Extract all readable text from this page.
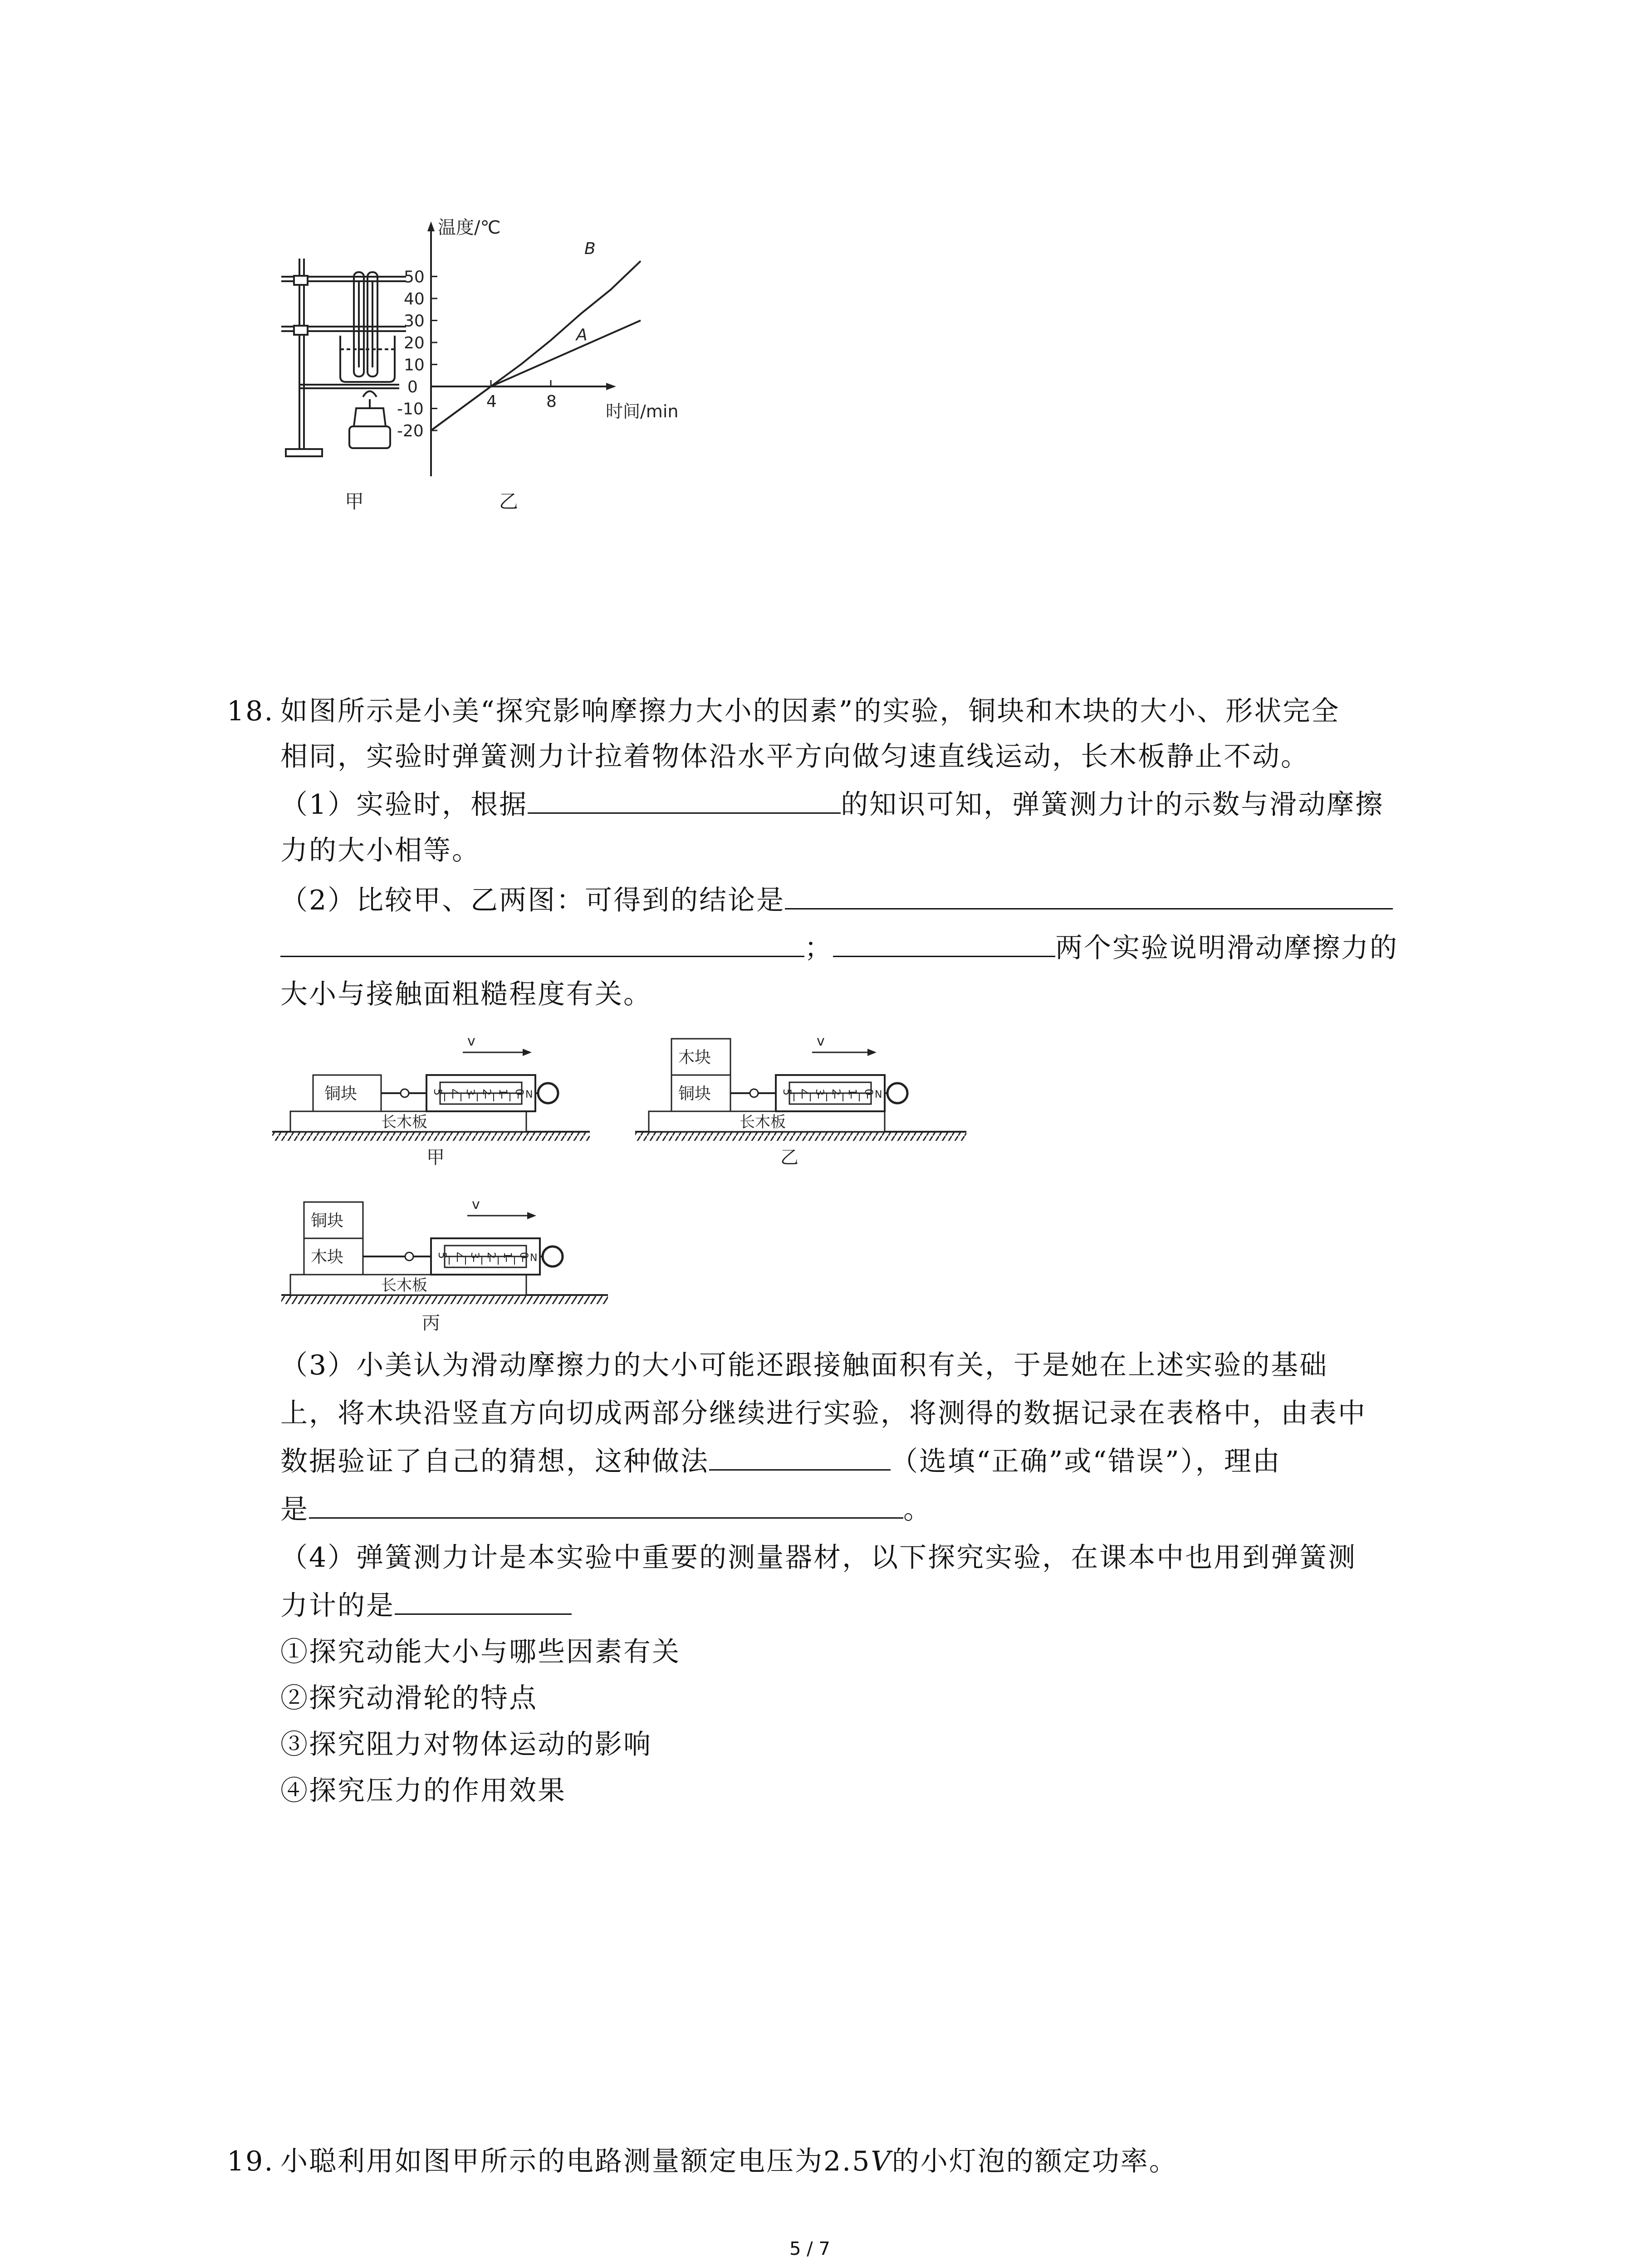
-20
-10
0
10
20
30
40
50
4	8
温度/℃
时间/min
B
A
甲	乙
18. 如图所示是小美“探究影响摩擦力大小的因素”的实验，铜块和木块的大小、形状完全
相同，实验时弹簧测力计拉着物体沿水平方向做匀速直线运动，长木板静止不动。
（1）实验时，根据	的知识可知，弹簧测力计的示数与滑动摩擦
力的大小相等。
（2）比较甲、乙两图：可得到的结论是
；	两个实验说明滑动摩擦力的
大小与接触面粗糙程度有关。
铜块
长木板
v
铜块
木块
长木板
v
木块
铜块
长木板
v
0
1
2
3
4
5	N	0
1
2
3
4
5	N
0
1
2
3
4
5	N
甲	乙
丙
（3）小美认为滑动摩擦力的大小可能还跟接触面积有关，于是她在上述实验的基础
上，将木块沿竖直方向切成两部分继续进行实验，将测得的数据记录在表格中，由表中
数据验证了自己的猜想，这种做法	（选填“正确”或“错误”），理由
是	。
（4）弹簧测力计是本实验中重要的测量器材，以下探究实验，在课本中也用到弹簧测
力计的是
①探究动能大小与哪些因素有关
②探究动滑轮的特点
③探究阻力对物体运动的影响
④探究压力的作用效果
19. 小聪利用如图甲所示的电路测量额定电压为2.5V的小灯泡的额定功率。
5 / 7
